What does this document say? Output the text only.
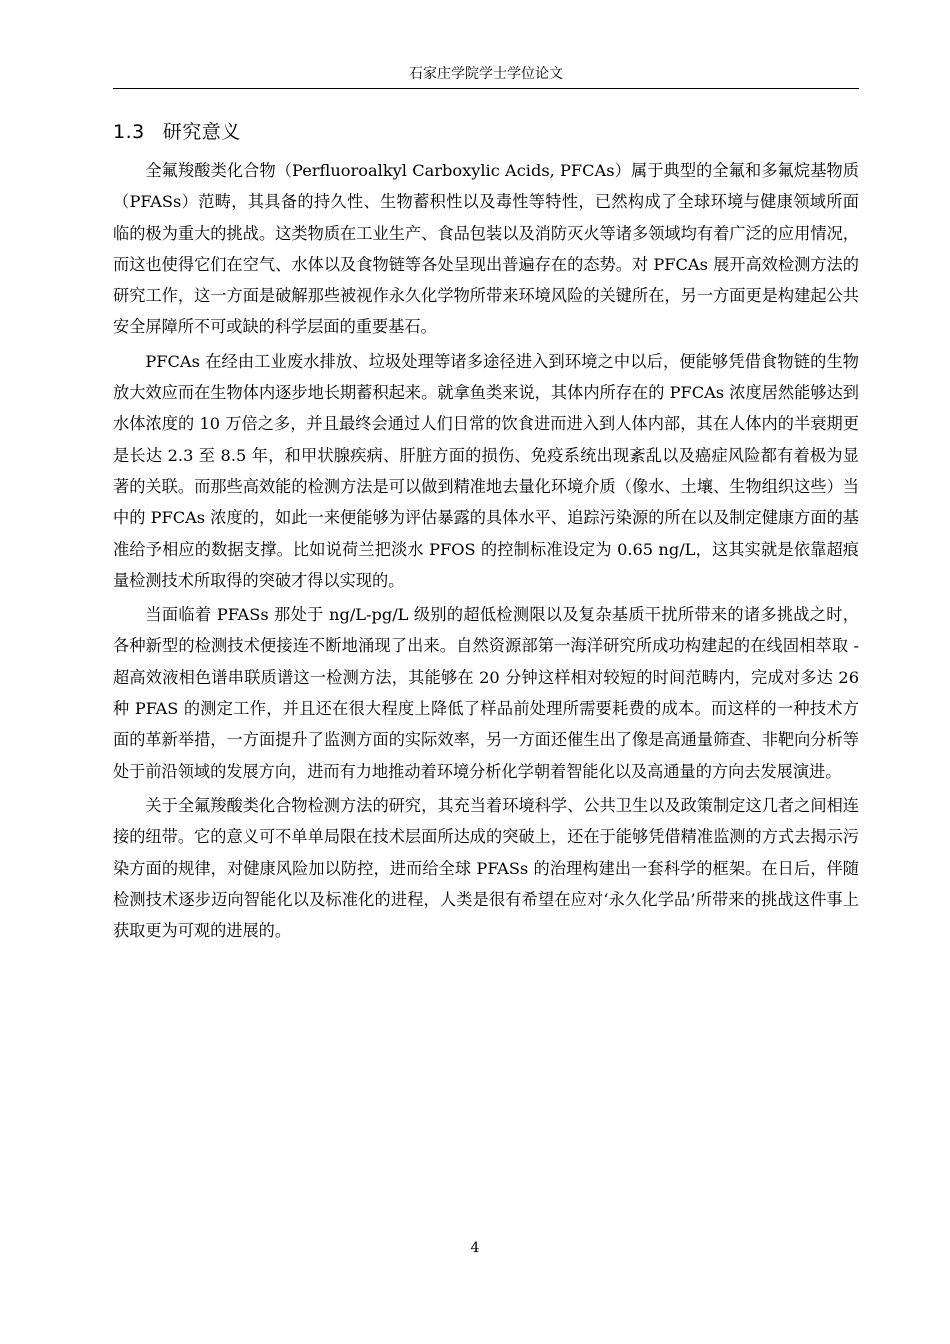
石家庄学院学士学位论文
1.3 研究意义

全氟羧酸类化合物（Perfluoroalkyl Carboxylic Acids, PFCAs）属于典型的全氟和多氟烷基物质（PFASs）范畴，其具备的持久性、生物蓄积性以及毒性等特性，已然构成了全球环境与健康领域所面临的极为重大的挑战。这类物质在工业生产、食品包装以及消防灭火等诸多领域均有着广泛的应用情况，而这也使得它们在空气、水体以及食物链等各处呈现出普遍存在的态势。对 PFCAs 展开高效检测方法的研究工作，这一方面是破解那些被视作永久化学物所带来环境风险的关键所在，另一方面更是构建起公共安全屏障所不可或缺的科学层面的重要基石。

PFCAs 在经由工业废水排放、垃圾处理等诸多途径进入到环境之中以后，便能够凭借食物链的生物放大效应而在生物体内逐步地长期蓄积起来。就拿鱼类来说，其体内所存在的 PFCAs 浓度居然能够达到水体浓度的 10 万倍之多，并且最终会通过人们日常的饮食进而进入到人体内部，其在人体内的半衰期更是长达 2.3 至 8.5 年，和甲状腺疾病、肝脏方面的损伤、免疫系统出现紊乱以及癌症风险都有着极为显著的关联。而那些高效能的检测方法是可以做到精准地去量化环境介质（像水、土壤、生物组织这些）当中的 PFCAs 浓度的，如此一来便能够为评估暴露的具体水平、追踪污染源的所在以及制定健康方面的基准给予相应的数据支撑。比如说荷兰把淡水 PFOS 的控制标准设定为 0.65 ng/L，这其实就是依靠超痕量检测技术所取得的突破才得以实现的。

当面临着 PFASs 那处于 ng/L-pg/L 级别的超低检测限以及复杂基质干扰所带来的诸多挑战之时，各种新型的检测技术便接连不断地涌现了出来。自然资源部第一海洋研究所成功构建起的在线固相萃取 - 超高效液相色谱串联质谱这一检测方法，其能够在 20 分钟这样相对较短的时间范畴内，完成对多达 26 种 PFAS 的测定工作，并且还在很大程度上降低了样品前处理所需要耗费的成本。而这样的一种技术方面的革新举措，一方面提升了监测方面的实际效率，另一方面还催生出了像是高通量筛查、非靶向分析等处于前沿领域的发展方向，进而有力地推动着环境分析化学朝着智能化以及高通量的方向去发展演进。

关于全氟羧酸类化合物检测方法的研究，其充当着环境科学、公共卫生以及政策制定这几者之间相连接的纽带。它的意义可不单单局限在技术层面所达成的突破上，还在于能够凭借精准监测的方式去揭示污染方面的规律，对健康风险加以防控，进而给全球 PFASs 的治理构建出一套科学的框架。在日后，伴随检测技术逐步迈向智能化以及标准化的进程，人类是很有希望在应对‘永久化学品’所带来的挑战这件事上获取更为可观的进展的。

4
